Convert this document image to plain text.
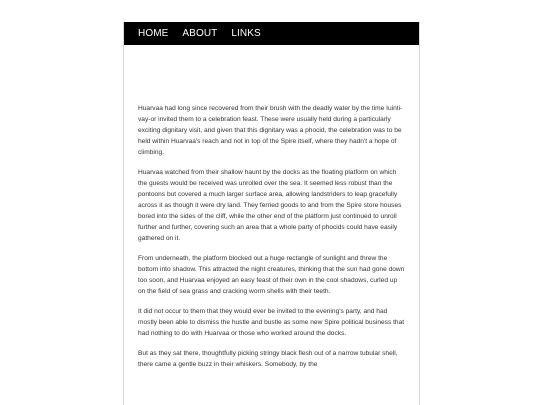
HOME ABOUT LINKS

Huarvaa had long since recovered from their brush with the deadly water by the time Iuinti-vay-or invited them to a celebration feast. These were usually held during a particularly exciting dignitary visit, and given that this dignitary was a phocid, the celebration was to be held within Huarvaa's reach and not in top of the Spire itself, where they hadn't a hope of climbing.

Huarvaa watched from their shallow haunt by the docks as the floating platform on which the guests would be received was unrolled over the sea. It seemed less robust than the pontoons but covered a much larger surface area, allowing landstriders to leap gracefully across it as though it were dry land. They ferried goods to and from the Spire store houses bored into the sides of the cliff, while the other end of the platform just continued to unroll further and further, covering such an area that a whole party of phocids could have easily gathered on it.

From underneath, the platform blocked out a huge rectangle of sunlight and threw the bottom into shadow. This attracted the night creatures, thinking that the sun had gone down too soon, and Huarvaa enjoyed an easy feast of their own in the cool shadows, curled up on the field of sea grass and cracking worm shells with their teeth.

It did not occur to them that they would ever be invited to the evening's party, and had mostly been able to dismiss the hustle and bustle as some new Spire political business that had nothing to do with Huarvaa or those who worked around the docks.

But as they sat there, thoughtfully picking stringy black flesh out of a narrow tubular shell, there came a gentle buzz in their whiskers. Somebody, by the
